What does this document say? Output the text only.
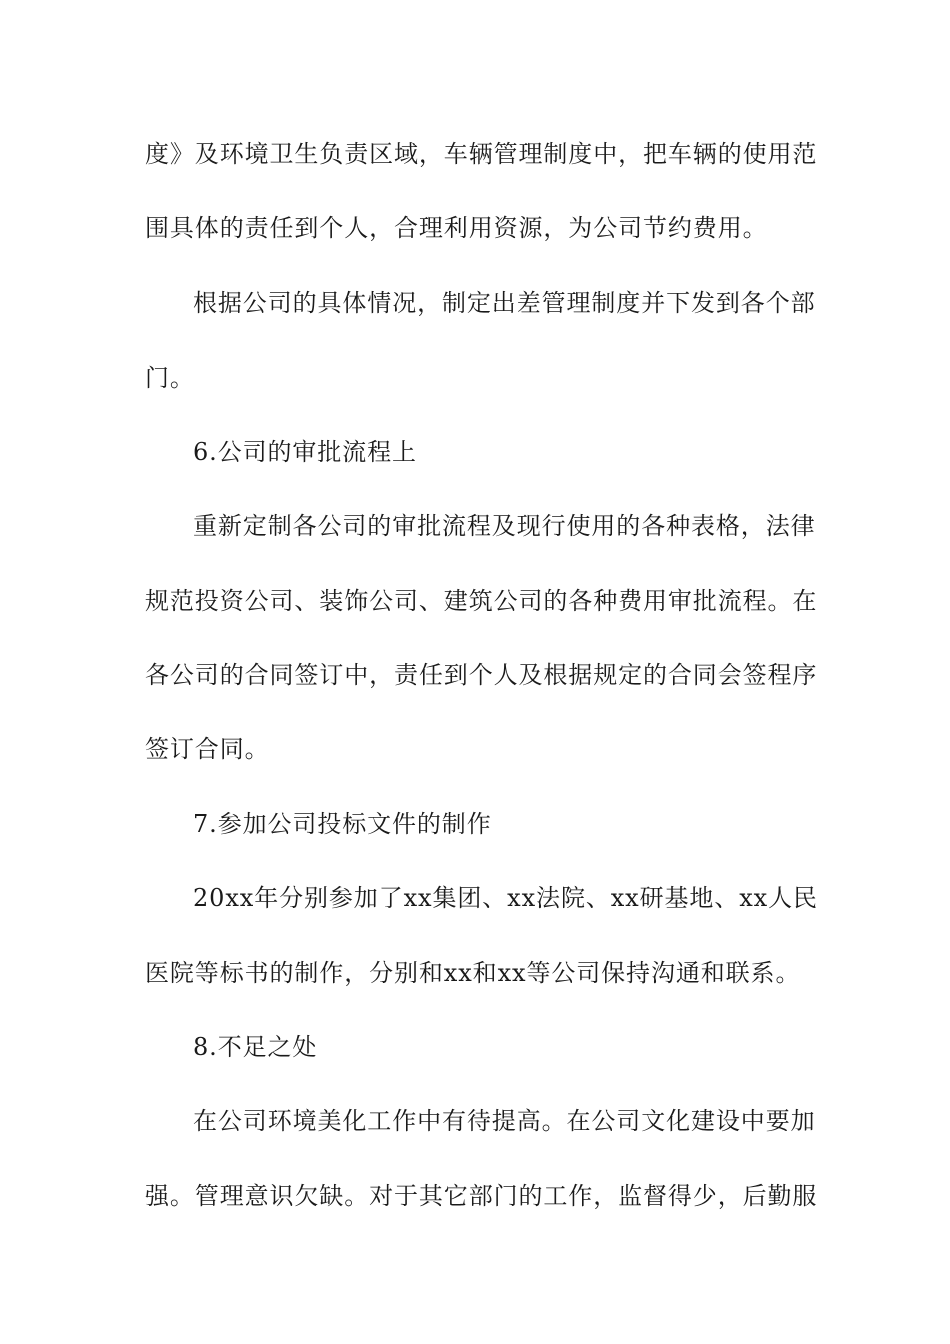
度》及环境卫生负责区域，车辆管理制度中，把车辆的使用范
围具体的责任到个人，合理利用资源，为公司节约费用。
根据公司的具体情况，制定出差管理制度并下发到各个部
门。
6.公司的审批流程上
重新定制各公司的审批流程及现行使用的各种表格，法律
规范投资公司、装饰公司、建筑公司的各种费用审批流程。在
各公司的合同签订中，责任到个人及根据规定的合同会签程序
签订合同。
7.参加公司投标文件的制作
20xx年分别参加了xx集团、xx法院、xx研基地、xx人民
医院等标书的制作，分别和xx和xx等公司保持沟通和联系。
8.不足之处
在公司环境美化工作中有待提高。在公司文化建设中要加
强。管理意识欠缺。对于其它部门的工作，监督得少，后勤服
